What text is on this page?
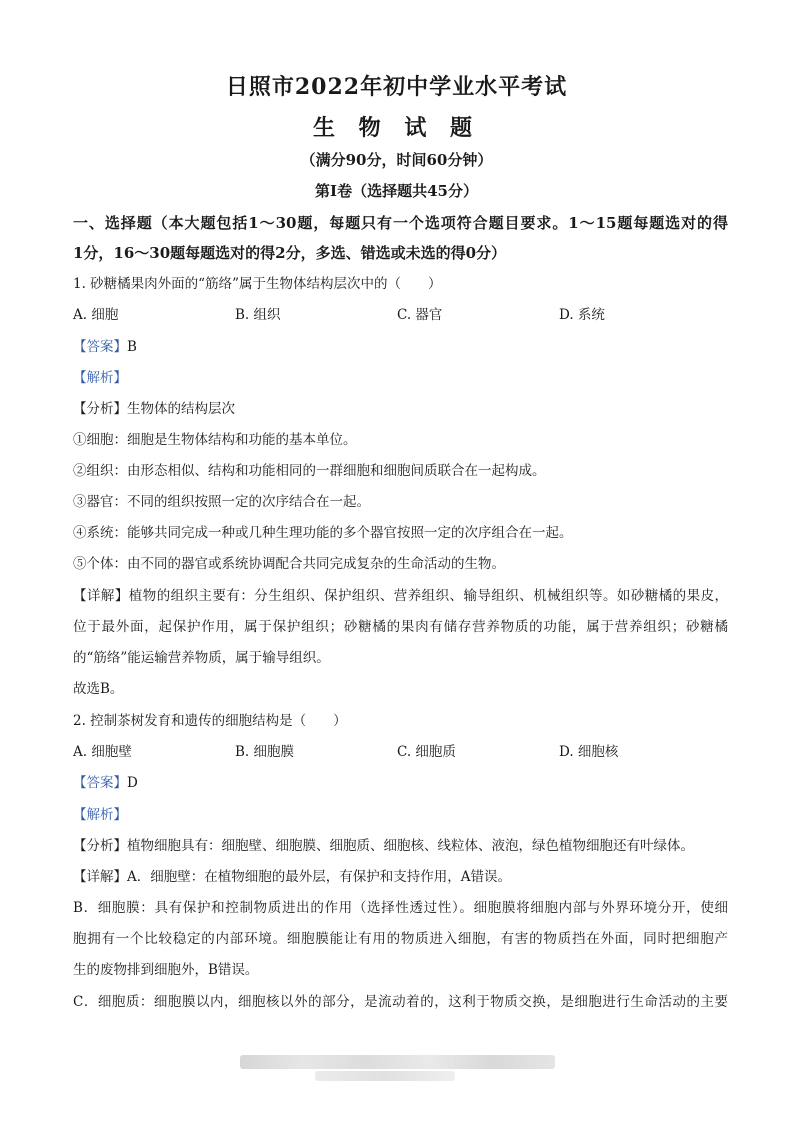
日照市2022年初中学业水平考试
生 物 试 题
（满分90分，时间60分钟）
第Ⅰ卷（选择题共45分）
一、选择题（本大题包括1～30题，每题只有一个选项符合题目要求。1～15题每题选对的得
1分，16～30题每题选对的得2分，多选、错选或未选的得0分）
1. 砂糖橘果肉外面的“筋络”属于生物体结构层次中的（　　）
A. 细胞	B. 组织	C. 器官	D. 系统
【答案】B
【解析】
【分析】生物体的结构层次
①细胞：细胞是生物体结构和功能的基本单位。
②组织：由形态相似、结构和功能相同的一群细胞和细胞间质联合在一起构成。
③器官：不同的组织按照一定的次序结合在一起。
④系统：能够共同完成一种或几种生理功能的多个器官按照一定的次序组合在一起。
⑤个体：由不同的器官或系统协调配合共同完成复杂的生命活动的生物。
【详解】植物的组织主要有：分生组织、保护组织、营养组织、输导组织、机械组织等。如砂糖橘的果皮，
位于最外面，起保护作用，属于保护组织；砂糖橘的果肉有储存营养物质的功能，属于营养组织；砂糖橘
的“筋络”能运输营养物质，属于输导组织。
故选B。
2. 控制茶树发育和遗传的细胞结构是（　　）
A. 细胞壁	B. 细胞膜	C. 细胞质	D. 细胞核
【答案】D
【解析】
【分析】植物细胞具有：细胞壁、细胞膜、细胞质、细胞核、线粒体、液泡，绿色植物细胞还有叶绿体。
【详解】A．细胞壁：在植物细胞的最外层，有保护和支持作用，A错误。
B．细胞膜：具有保护和控制物质进出的作用（选择性透过性）。细胞膜将细胞内部与外界环境分开，使细
胞拥有一个比较稳定的内部环境。细胞膜能让有用的物质进入细胞，有害的物质挡在外面，同时把细胞产
生的废物排到细胞外，B错误。
C．细胞质：细胞膜以内，细胞核以外的部分，是流动着的，这利于物质交换，是细胞进行生命活动的主要
